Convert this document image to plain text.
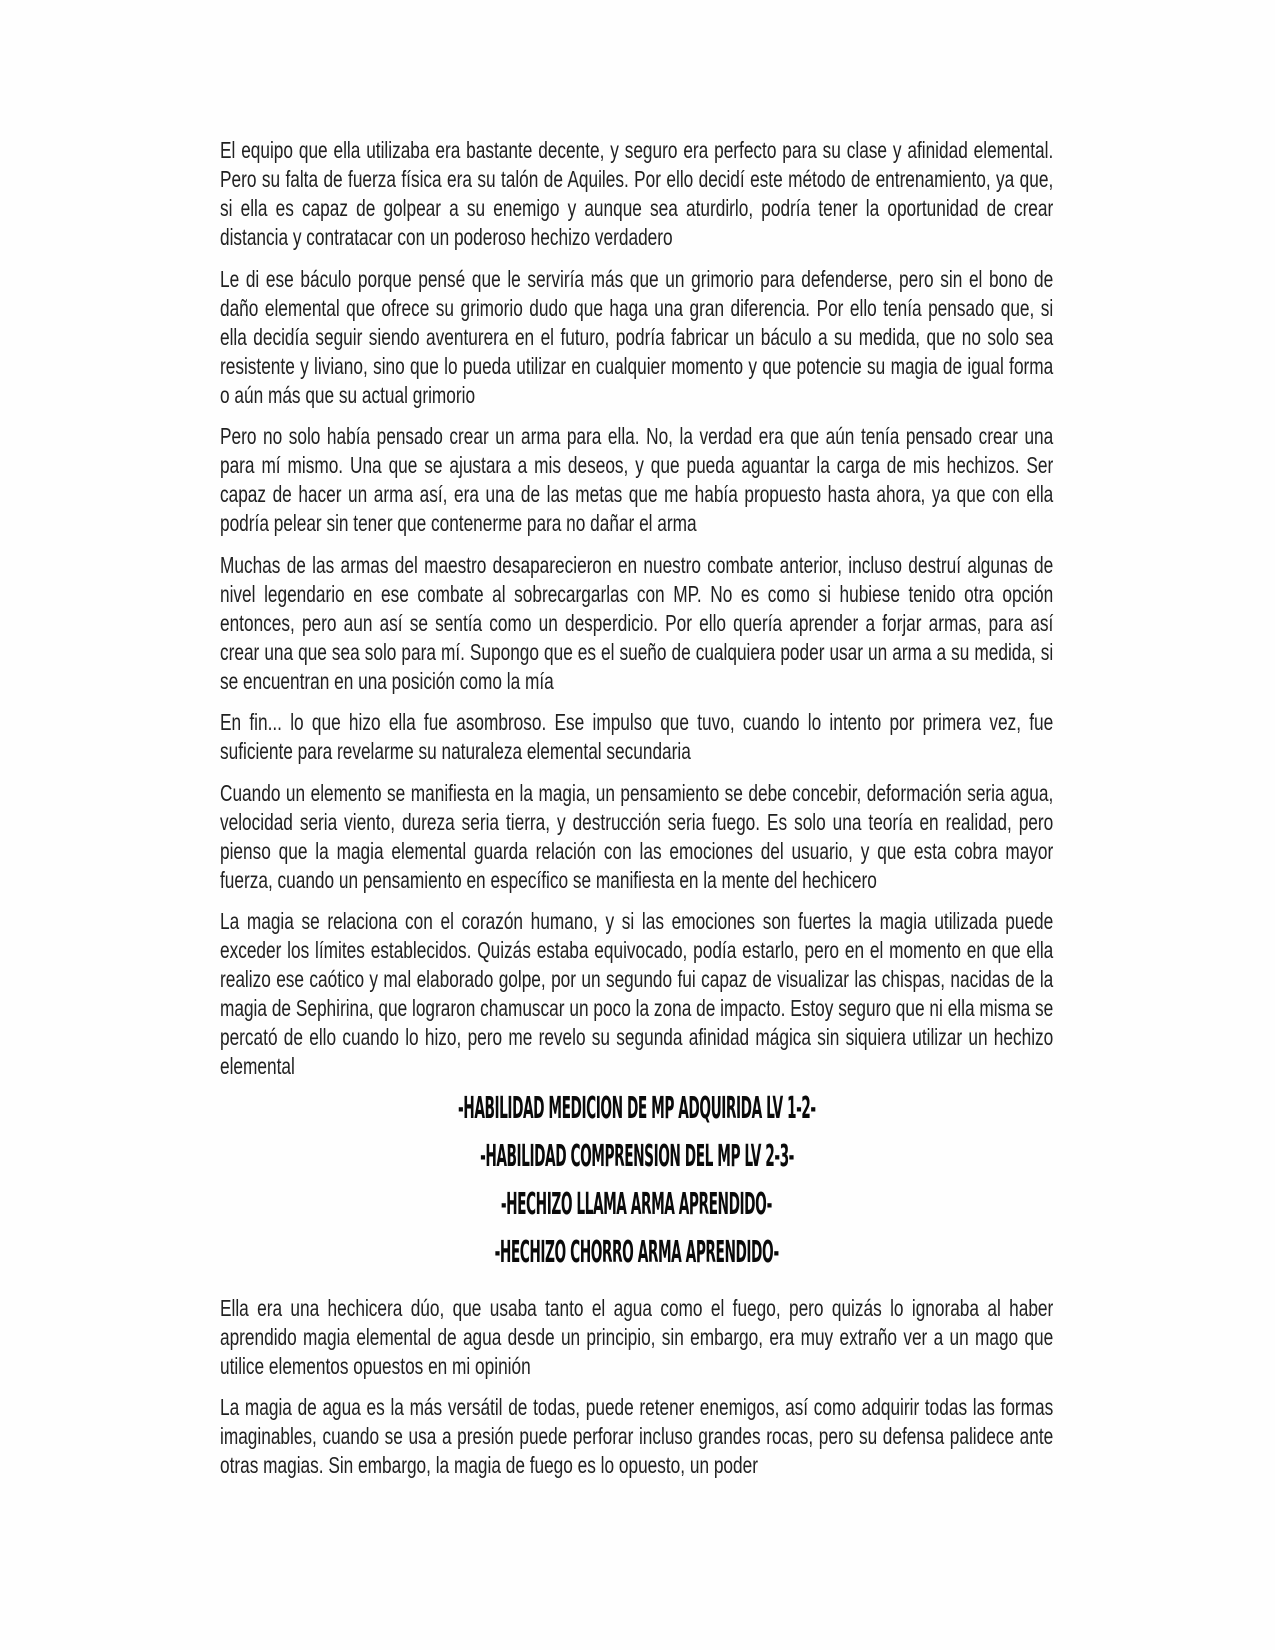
El equipo que ella utilizaba era bastante decente, y seguro era perfecto para su clase y afinidad elemental. Pero su falta de fuerza física era su talón de Aquiles. Por ello decidí este método de entrenamiento, ya que, si ella es capaz de golpear a su enemigo y aunque sea aturdirlo, podría tener la oportunidad de crear distancia y contratacar con un poderoso hechizo verdadero

Le di ese báculo porque pensé que le serviría más que un grimorio para defenderse, pero sin el bono de daño elemental que ofrece su grimorio dudo que haga una gran diferencia. Por ello tenía pensado que, si ella decidía seguir siendo aventurera en el futuro, podría fabricar un báculo a su medida, que no solo sea resistente y liviano, sino que lo pueda utilizar en cualquier momento y que potencie su magia de igual forma o aún más que su actual grimorio

Pero no solo había pensado crear un arma para ella. No, la verdad era que aún tenía pensado crear una para mí mismo. Una que se ajustara a mis deseos, y que pueda aguantar la carga de mis hechizos. Ser capaz de hacer un arma así, era una de las metas que me había propuesto hasta ahora, ya que con ella podría pelear sin tener que contenerme para no dañar el arma

Muchas de las armas del maestro desaparecieron en nuestro combate anterior, incluso destruí algunas de nivel legendario en ese combate al sobrecargarlas con MP. No es como si hubiese tenido otra opción entonces, pero aun así se sentía como un desperdicio. Por ello quería aprender a forjar armas, para así crear una que sea solo para mí. Supongo que es el sueño de cualquiera poder usar un arma a su medida, si se encuentran en una posición como la mía

En fin... lo que hizo ella fue asombroso. Ese impulso que tuvo, cuando lo intento por primera vez, fue suficiente para revelarme su naturaleza elemental secundaria

Cuando un elemento se manifiesta en la magia, un pensamiento se debe concebir, deformación seria agua, velocidad seria viento, dureza seria tierra, y destrucción seria fuego. Es solo una teoría en realidad, pero pienso que la magia elemental guarda relación con las emociones del usuario, y que esta cobra mayor fuerza, cuando un pensamiento en específico se manifiesta en la mente del hechicero

La magia se relaciona con el corazón humano, y si las emociones son fuertes la magia utilizada puede exceder los límites establecidos. Quizás estaba equivocado, podía estarlo, pero en el momento en que ella realizo ese caótico y mal elaborado golpe, por un segundo fui capaz de visualizar las chispas, nacidas de la magia de Sephirina, que lograron chamuscar un poco la zona de impacto. Estoy seguro que ni ella misma se percató de ello cuando lo hizo, pero me revelo su segunda afinidad mágica sin siquiera utilizar un hechizo elemental

-HABILIDAD MEDICION DE MP ADQUIRIDA LV 1-2-
-HABILIDAD COMPRENSION DEL MP LV 2-3-
-HECHIZO LLAMA ARMA APRENDIDO-
-HECHIZO CHORRO ARMA APRENDIDO-

Ella era una hechicera dúo, que usaba tanto el agua como el fuego, pero quizás lo ignoraba al haber aprendido magia elemental de agua desde un principio, sin embargo, era muy extraño ver a un mago que utilice elementos opuestos en mi opinión

La magia de agua es la más versátil de todas, puede retener enemigos, así como adquirir todas las formas imaginables, cuando se usa a presión puede perforar incluso grandes rocas, pero su defensa palidece ante otras magias. Sin embargo, la magia de fuego es lo opuesto, un poder
